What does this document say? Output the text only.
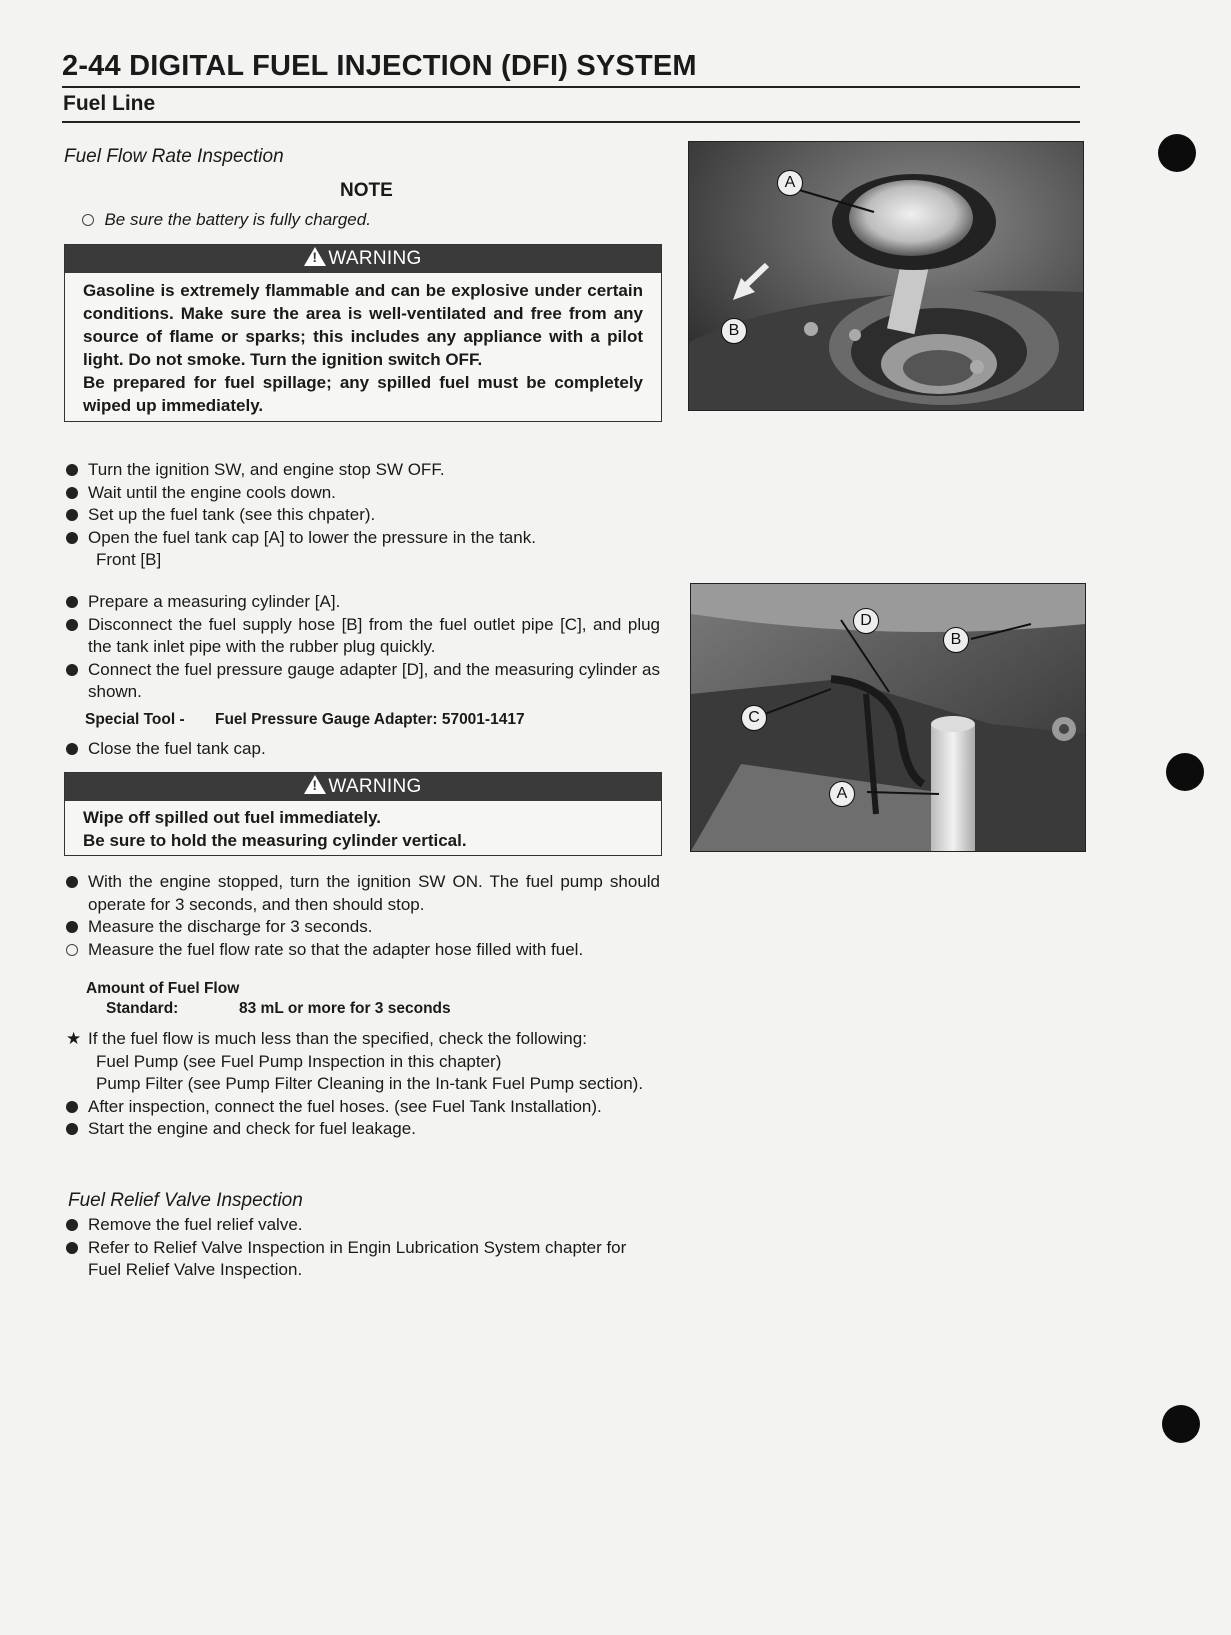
2-44 DIGITAL FUEL INJECTION (DFI) SYSTEM
Fuel Line
Fuel Flow Rate Inspection
NOTE
Be sure the battery is fully charged.
!WARNING

Gasoline is extremely flammable and can be explosive under certain conditions. Make sure the area is well-ventilated and free from any source of flame or sparks; this includes any appliance with a pilot light. Do not smoke. Turn the ignition switch OFF.

Be prepared for fuel spillage; any spilled fuel must be completely wiped up immediately.

Turn the ignition SW, and engine stop SW OFF.
Wait until the engine cools down.
Set up the fuel tank (see this chpater).
Open the fuel tank cap [A] to lower the pressure in the tank.
Front [B]
Prepare a measuring cylinder [A].
Disconnect the fuel supply hose [B] from the fuel outlet pipe [C], and plug the tank inlet pipe with the rubber plug quickly.
Connect the fuel pressure gauge adapter [D], and the measuring cylinder as shown.
Special Tool - Fuel Pressure Gauge Adapter: 57001-1417
Close the fuel tank cap.
!WARNING

Wipe off spilled out fuel immediately.

Be sure to hold the measuring cylinder vertical.

With the engine stopped, turn the ignition SW ON. The fuel pump should operate for 3 seconds, and then should stop.
Measure the discharge for 3 seconds.
Measure the fuel flow rate so that the adapter hose filled with fuel.
Amount of Fuel Flow
Standard:	83 mL or more for 3 seconds
★ If the fuel flow is much less than the specified, check the following:
Fuel Pump (see Fuel Pump Inspection in this chapter)
Pump Filter (see Pump Filter Cleaning in the In-tank Fuel Pump section).
After inspection, connect the fuel hoses. (see Fuel Tank Installation).
Start the engine and check for fuel leakage.
Fuel Relief Valve Inspection
Remove the fuel relief valve.
Refer to Relief Valve Inspection in Engin Lubrication System chapter for Fuel Relief Valve Inspection.
A
B
D
B
C
A
